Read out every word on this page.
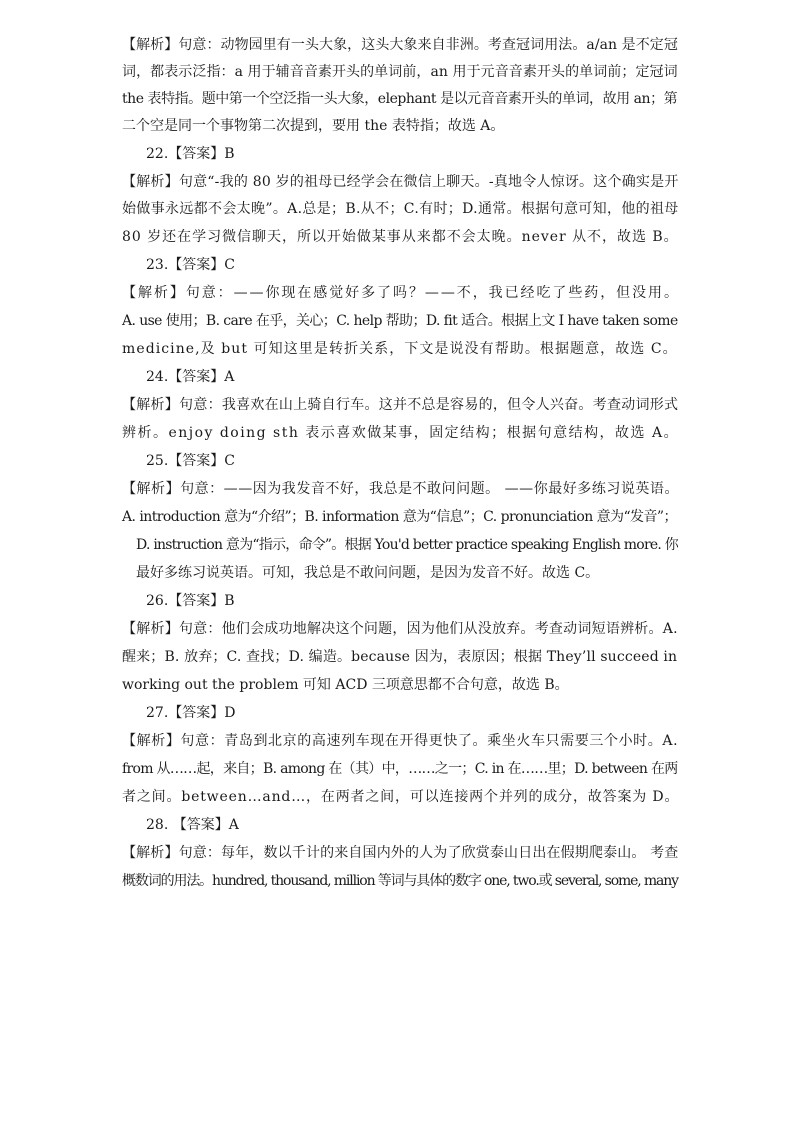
【解析】句意：动物园里有一头大象，这头大象来自非洲。考查冠词用法。a/an 是不定冠
词，都表示泛指：a 用于辅音音素开头的单词前，an 用于元音音素开头的单词前；定冠词
the 表特指。题中第一个空泛指一头大象，elephant 是以元音音素开头的单词，故用 an；第
二个空是同一个事物第二次提到，要用 the 表特指；故选 A。
22.【答案】B
【解析】句意“-我的 80 岁的祖母已经学会在微信上聊天。-真地令人惊讶。这个确实是开
始做事永远都不会太晚”。A.总是；B.从不；C.有时；D.通常。根据句意可知，他的祖母
80 岁还在学习微信聊天，所以开始做某事从来都不会太晚。never 从不，故选 B。
23.【答案】C
【解析】句意：——你现在感觉好多了吗？——不，我已经吃了些药，但没用。
A. use 使用；B. care 在乎，关心；C. help 帮助；D. fit 适合。根据上文 I have taken some
medicine,及 but 可知这里是转折关系，下文是说没有帮助。根据题意，故选 C。
24.【答案】A
【解析】句意：我喜欢在山上骑自行车。这并不总是容易的，但令人兴奋。考查动词形式
辨析。enjoy doing sth 表示喜欢做某事，固定结构；根据句意结构，故选 A。
25.【答案】C
【解析】句意：——因为我发音不好，我总是不敢问问题。 ——你最好多练习说英语。
A. introduction 意为“介绍”；B. information 意为“信息”；C. pronunciation 意为“发音”；
D. instruction 意为“指示，命令”。根据 You'd better practice speaking English more. 你
最好多练习说英语。可知，我总是不敢问问题，是因为发音不好。故选 C。
26.【答案】B
【解析】句意：他们会成功地解决这个问题，因为他们从没放弃。考查动词短语辨析。A.
醒来；B. 放弃；C. 查找；D. 编造。because 因为，表原因；根据 They’ll succeed in
working out the problem 可知 ACD 三项意思都不合句意，故选 B。
27.【答案】D
【解析】句意：青岛到北京的高速列车现在开得更快了。乘坐火车只需要三个小时。A.
from 从……起，来自；B. among 在（其）中，……之一；C. in 在……里；D. between 在两
者之间。between…and…，在两者之间，可以连接两个并列的成分，故答案为 D。
28. 【答案】A
【解析】句意：每年，数以千计的来自国内外的人为了欣赏泰山日出在假期爬泰山。 考查
概数词的用法。hundred, thousand, million 等词与具体的数字 one, two.或 several, some, many
